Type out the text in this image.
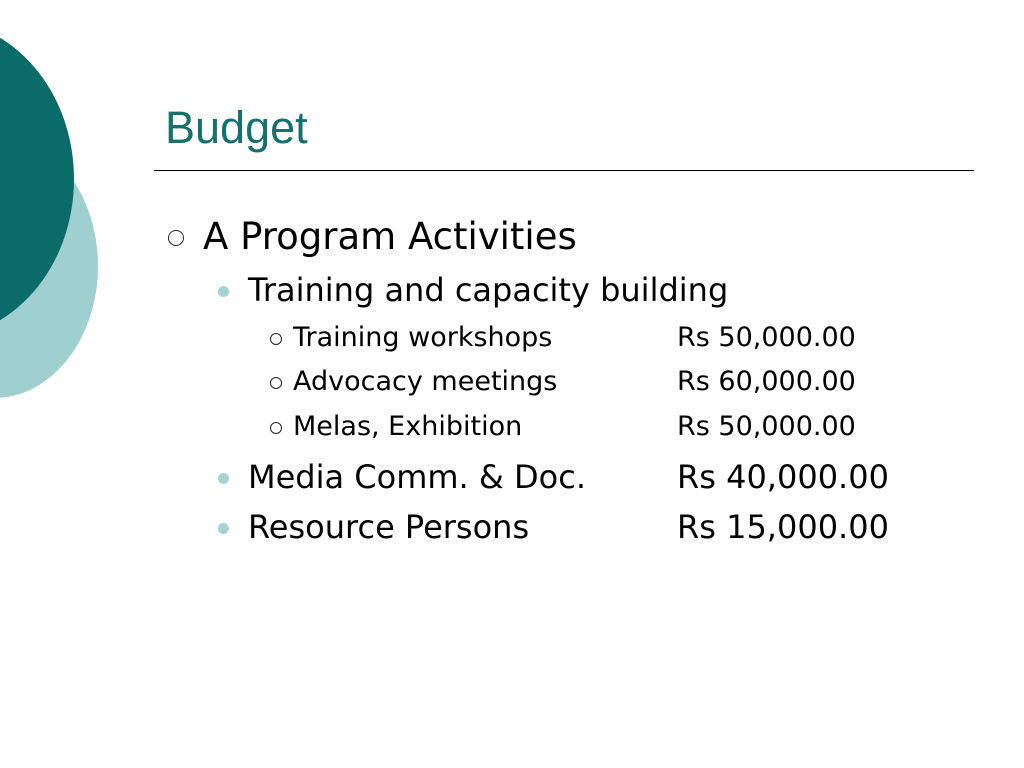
Budget
A Program Activities
Training and capacity building
Training workshops	Rs 50,000.00
Advocacy meetings	Rs 60,000.00
Melas, Exhibition	Rs 50,000.00
Media Comm. & Doc.	Rs 40,000.00
Resource Persons	Rs 15,000.00
